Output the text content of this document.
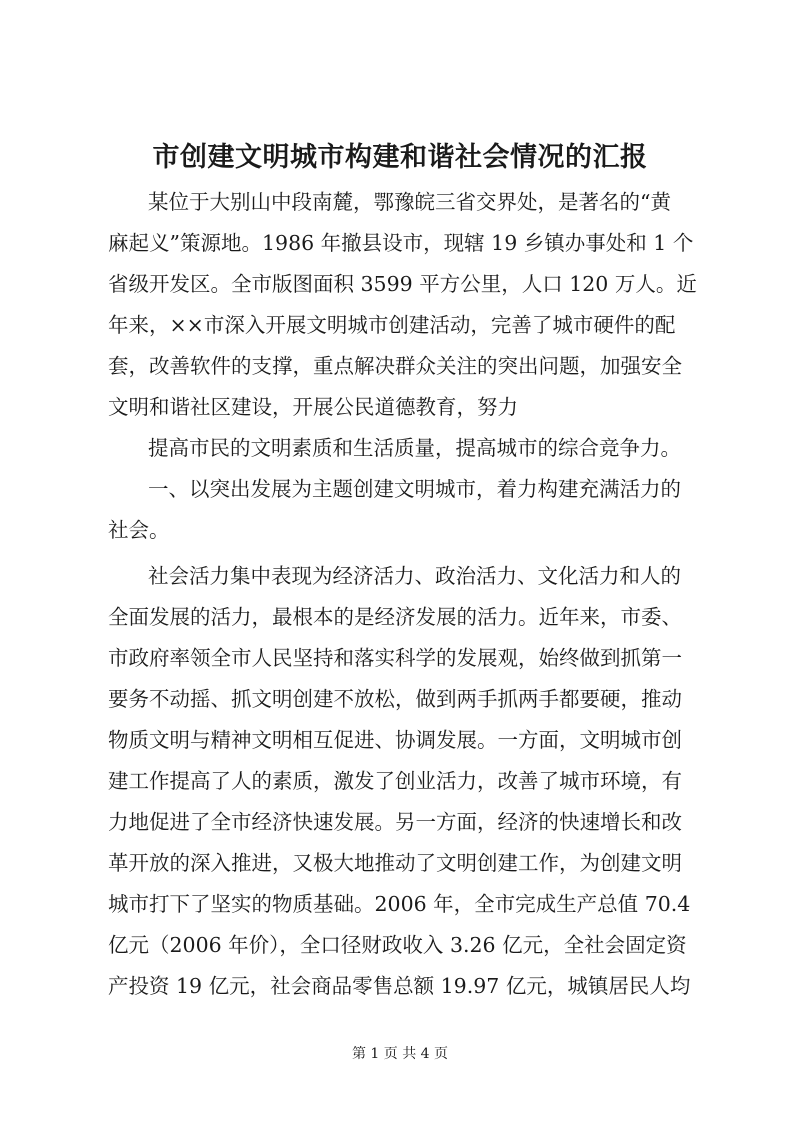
市创建文明城市构建和谐社会情况的汇报
某位于大别山中段南麓，鄂豫皖三省交界处，是著名的“黄
麻起义”策源地。1986 年撤县设市，现辖 19 乡镇办事处和 1 个
省级开发区。全市版图面积 3599 平方公里，人口 120 万人。近
年来，××市深入开展文明城市创建活动，完善了城市硬件的配
套，改善软件的支撑，重点解决群众关注的突出问题，加强安全
文明和谐社区建设，开展公民道德教育，努力
提高市民的文明素质和生活质量，提高城市的综合竞争力。
一、以突出发展为主题创建文明城市，着力构建充满活力的
社会。
社会活力集中表现为经济活力、政治活力、文化活力和人的
全面发展的活力，最根本的是经济发展的活力。近年来，市委、
市政府率领全市人民坚持和落实科学的发展观，始终做到抓第一
要务不动摇、抓文明创建不放松，做到两手抓两手都要硬，推动
物质文明与精神文明相互促进、协调发展。一方面，文明城市创
建工作提高了人的素质，激发了创业活力，改善了城市环境，有
力地促进了全市经济快速发展。另一方面，经济的快速增长和改
革开放的深入推进，又极大地推动了文明创建工作，为创建文明
城市打下了坚实的物质基础。2006 年，全市完成生产总值 70.4
亿元（2006 年价），全口径财政收入 3.26 亿元，全社会固定资
产投资 19 亿元，社会商品零售总额 19.97 亿元，城镇居民人均
第 1 页 共 4 页
